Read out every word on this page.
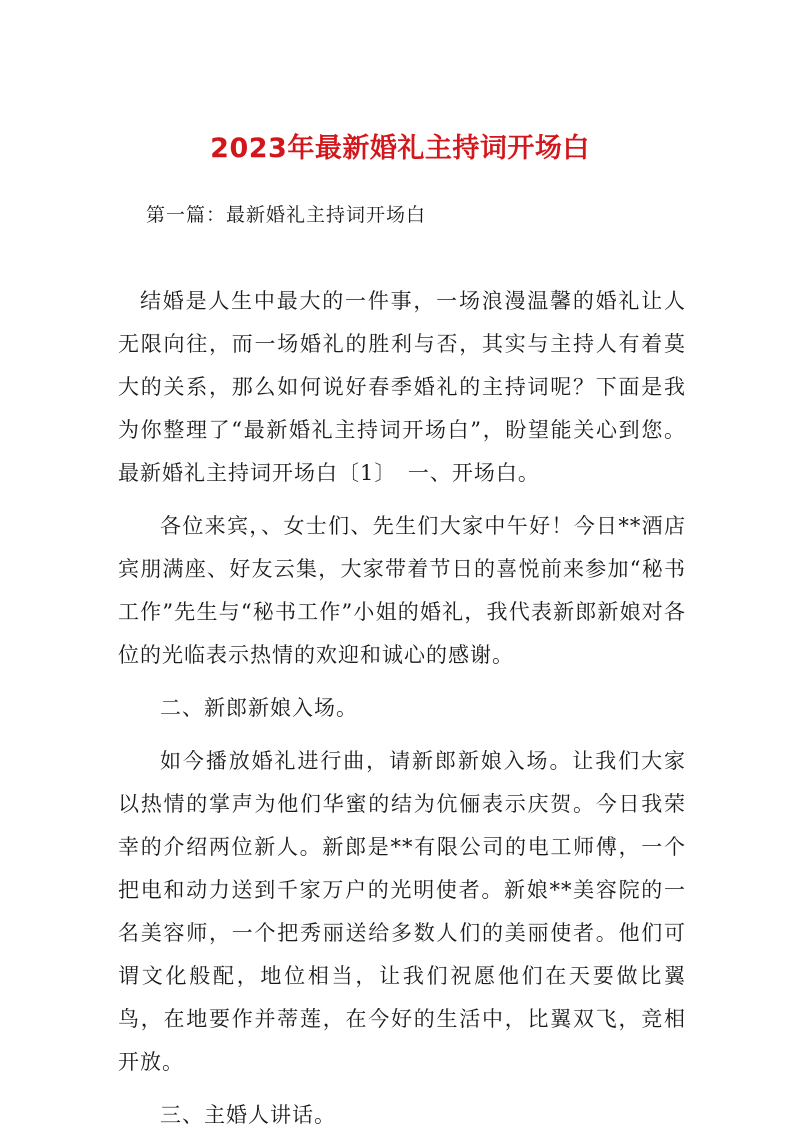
2023年最新婚礼主持词开场白
第一篇：最新婚礼主持词开场白

结婚是人生中最大的一件事，一场浪漫温馨的婚礼让人无限向往，而一场婚礼的胜利与否，其实与主持人有着莫大的关系，那么如何说好春季婚礼的主持词呢？下面是我为你整理了“最新婚礼主持词开场白”，盼望能关心到您。最新婚礼主持词开场白〔1〕　一、开场白。

各位来宾，、女士们、先生们大家中午好！今日**酒店宾朋满座、好友云集，大家带着节日的喜悦前来参加“秘书工作”先生与“秘书工作”小姐的婚礼，我代表新郎新娘对各位的光临表示热情的欢迎和诚心的感谢。

二、新郎新娘入场。

如今播放婚礼进行曲，请新郎新娘入场。让我们大家以热情的掌声为他们华蜜的结为伉俪表示庆贺。今日我荣幸的介绍两位新人。新郎是**有限公司的电工师傅，一个把电和动力送到千家万户的光明使者。新娘**美容院的一名美容师，一个把秀丽送给多数人们的美丽使者。他们可谓文化般配，地位相当，让我们祝愿他们在天要做比翼鸟，在地要作并蒂莲，在今好的生活中，比翼双飞，竞相开放。

三、主婚人讲话。
